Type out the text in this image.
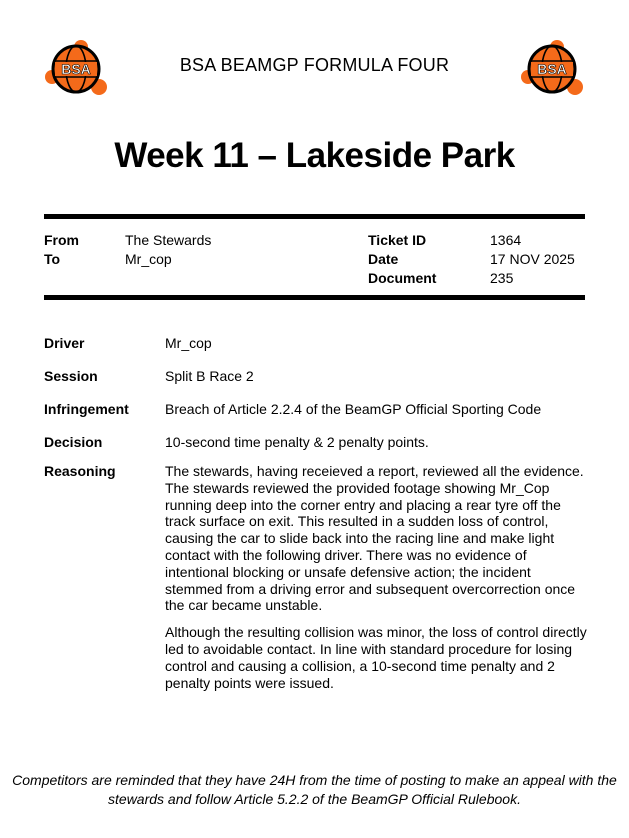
BSA	BSA BEAMGP FORMULA FOUR	BSA
Week 11 – Lakeside Park
From	The Stewards
To	Mr_cop
Ticket ID	1364
Date	17 NOV 2025
Document	235
Driver	Mr_cop
Session	Split B Race 2
Infringement	Breach of Article 2.2.4 of the BeamGP Official Sporting Code
Decision	10-second time penalty & 2 penalty points.
Reasoning	The stewards, having receieved a report, reviewed all the evidence. The stewards reviewed the provided footage showing Mr_Cop running deep into the corner entry and placing a rear tyre off the track surface on exit. This resulted in a sudden loss of control, causing the car to slide back into the racing line and make light contact with the following driver. There was no evidence of intentional blocking or unsafe defensive action; the incident stemmed from a driving error and subsequent overcorrection once the car became unstable.

Although the resulting collision was minor, the loss of control directly led to avoidable contact. In line with standard procedure for losing control and causing a collision, a 10-second time penalty and 2 penalty points were issued.

Competitors are reminded that they have 24H from the time of posting to make an appeal with the stewards and follow Article 5.2.2 of the BeamGP Official Rulebook.
